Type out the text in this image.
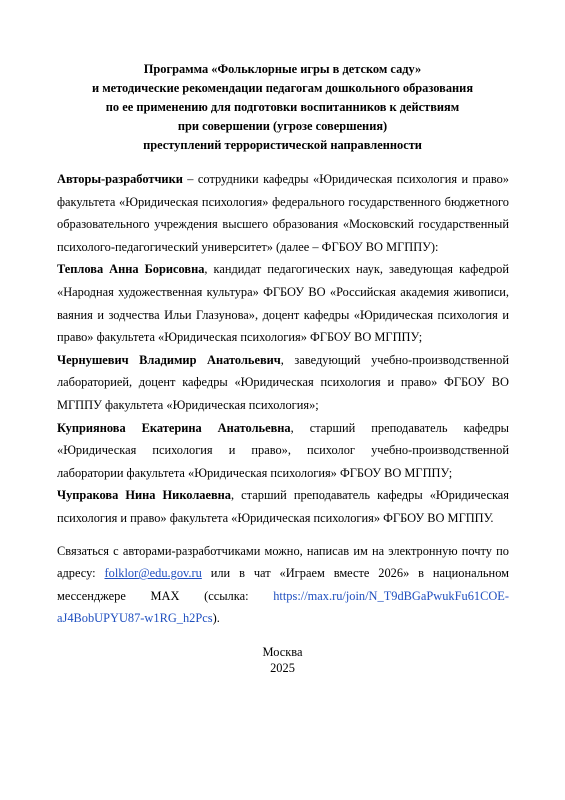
Программа «Фольклорные игры в детском саду»
и методические рекомендации педагогам дошкольного образования
по ее применению для подготовки воспитанников к действиям
при совершении (угрозе совершения)
преступлений террористической направленности

Авторы-разработчики – сотрудники кафедры «Юридическая психология и право» факультета «Юридическая психология» федерального государственного бюджетного образовательного учреждения высшего образования «Московский государственный психолого-педагогический университет» (далее – ФГБОУ ВО МГППУ):

Теплова Анна Борисовна, кандидат педагогических наук, заведующая кафедрой «Народная художественная культура» ФГБОУ ВО «Российская академия живописи, ваяния и зодчества Ильи Глазунова», доцент кафедры «Юридическая психология и право» факультета «Юридическая психология» ФГБОУ ВО МГППУ;

Чернушевич Владимир Анатольевич, заведующий учебно-производственной лабораторией, доцент кафедры «Юридическая психология и право» ФГБОУ ВО МГППУ факультета «Юридическая психология»;

Куприянова Екатерина Анатольевна, старший преподаватель кафедры «Юридическая психология и право», психолог учебно-производственной лаборатории факультета «Юридическая психология» ФГБОУ ВО МГППУ;

Чупракова Нина Николаевна, старший преподаватель кафедры «Юридическая психология и право» факультета «Юридическая психология» ФГБОУ ВО МГППУ.

Связаться с авторами-разработчиками можно, написав им на электронную почту по адресу: folklor@edu.gov.ru или в чат «Играем вместе 2026» в национальном мессенджере MAX (ссылка: https://max.ru/join/N_T9dBGaPwukFu61COE-aJ4BobUPYU87-w1RG_h2Pcs).

Москва
2025
